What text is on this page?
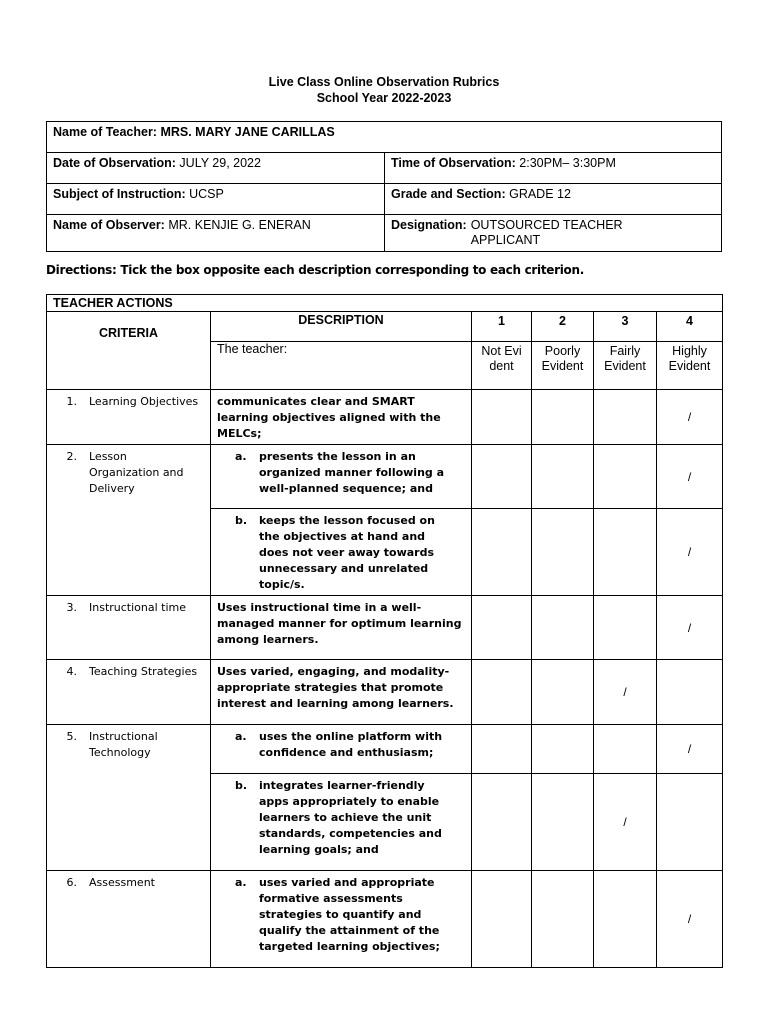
Live Class Online Observation Rubrics
School Year 2022-2023
Name of Teacher: MRS. MARY JANE CARILLAS	
Date of Observation: JULY 29, 2022	Time of Observation: 2:30PM– 3:30PM
Subject of Instruction: UCSP	Grade and Section: GRADE 12
Name of Observer: MR. KENJIE G. ENERAN	Designation: OUTSOURCED TEACHER APPLICANT
Directions: Tick the box opposite each description corresponding to each criterion.
TEACHER ACTIONS					
CRITERIA	DESCRIPTION	1	2	3	4
	The teacher:	Not Evident	Poorly Evident	Fairly Evident	Highly Evident
1. Learning Objectives	communicates clear and SMART learning objectives aligned with the MELCs;				/
2. Lesson Organization and Delivery	a. presents the lesson in an organized manner following a well-planned sequence; and				/
	b. keeps the lesson focused on the objectives at hand and does not veer away towards unnecessary and unrelated topic/s.				/
3. Instructional time	Uses instructional time in a well-managed manner for optimum learning among learners.				/
4. Teaching Strategies	Uses varied, engaging, and modality-appropriate strategies that promote interest and learning among learners.			/	
5. Instructional Technology	a. uses the online platform with confidence and enthusiasm;				/
	b. integrates learner-friendly apps appropriately to enable learners to achieve the unit standards, competencies and learning goals; and			/	
6. Assessment	a. uses varied and appropriate formative assessments strategies to quantify and qualify the attainment of the targeted learning objectives;				/
